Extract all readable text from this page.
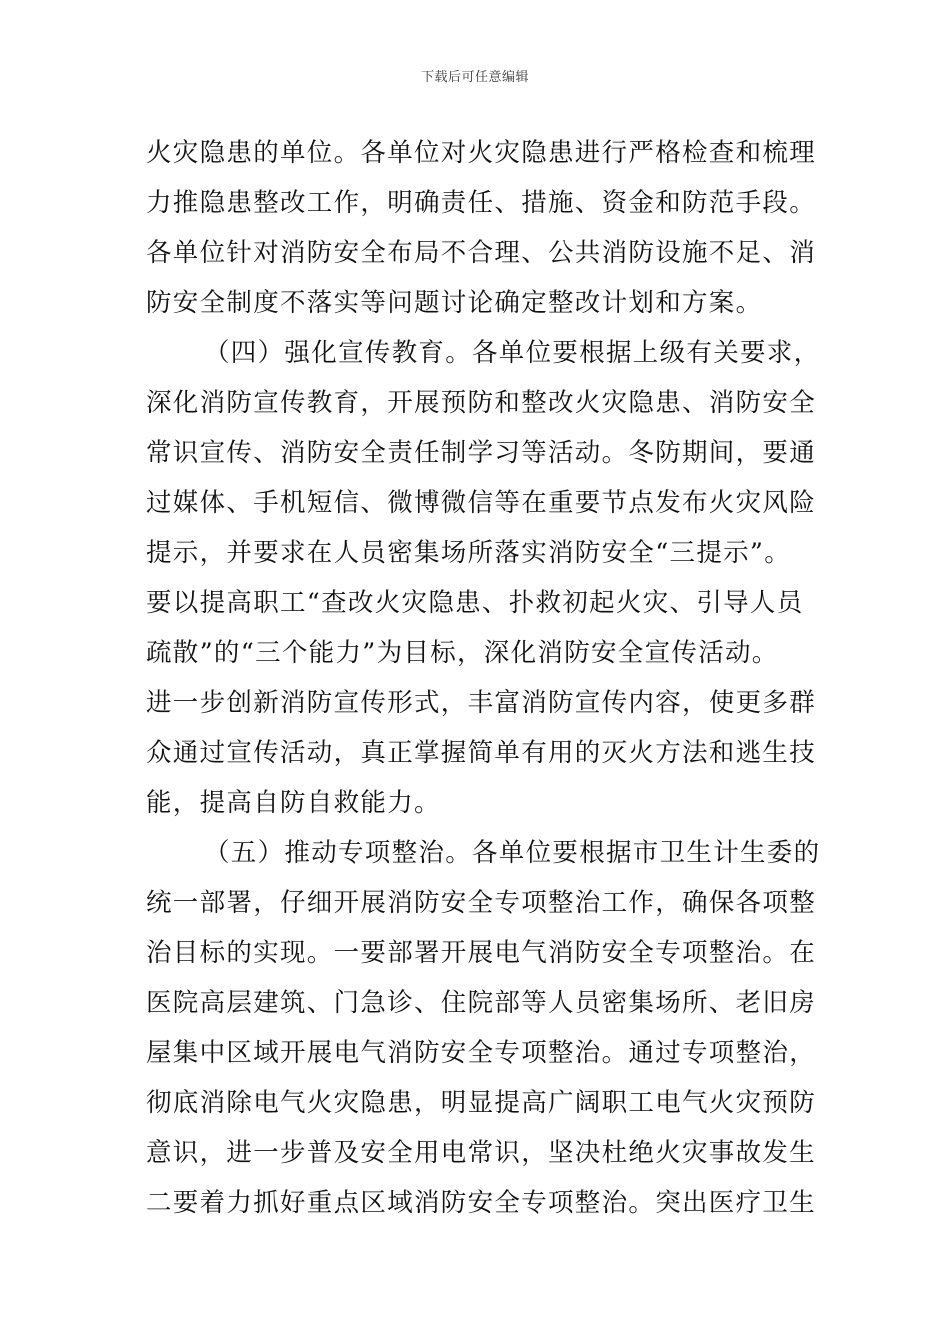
下载后可任意编辑
火灾隐患的单位。各单位对火灾隐患进行严格检查和梳理
力推隐患整改工作，明确责任、措施、资金和防范手段。
各单位针对消防安全布局不合理、公共消防设施不足、消
防安全制度不落实等问题讨论确定整改计划和方案。
（四）强化宣传教育。各单位要根据上级有关要求，
深化消防宣传教育，开展预防和整改火灾隐患、消防安全
常识宣传、消防安全责任制学习等活动。冬防期间，要通
过媒体、手机短信、微博微信等在重要节点发布火灾风险
提示，并要求在人员密集场所落实消防安全“三提示”。
要以提高职工“查改火灾隐患、扑救初起火灾、引导人员
疏散”的“三个能力”为目标，深化消防安全宣传活动。
进一步创新消防宣传形式，丰富消防宣传内容，使更多群
众通过宣传活动，真正掌握简单有用的灭火方法和逃生技
能，提高自防自救能力。
（五）推动专项整治。各单位要根据市卫生计生委的
统一部署，仔细开展消防安全专项整治工作，确保各项整
治目标的实现。一要部署开展电气消防安全专项整治。在
医院高层建筑、门急诊、住院部等人员密集场所、老旧房
屋集中区域开展电气消防安全专项整治。通过专项整治，
彻底消除电气火灾隐患，明显提高广阔职工电气火灾预防
意识，进一步普及安全用电常识，坚决杜绝火灾事故发生
二要着力抓好重点区域消防安全专项整治。突出医疗卫生
